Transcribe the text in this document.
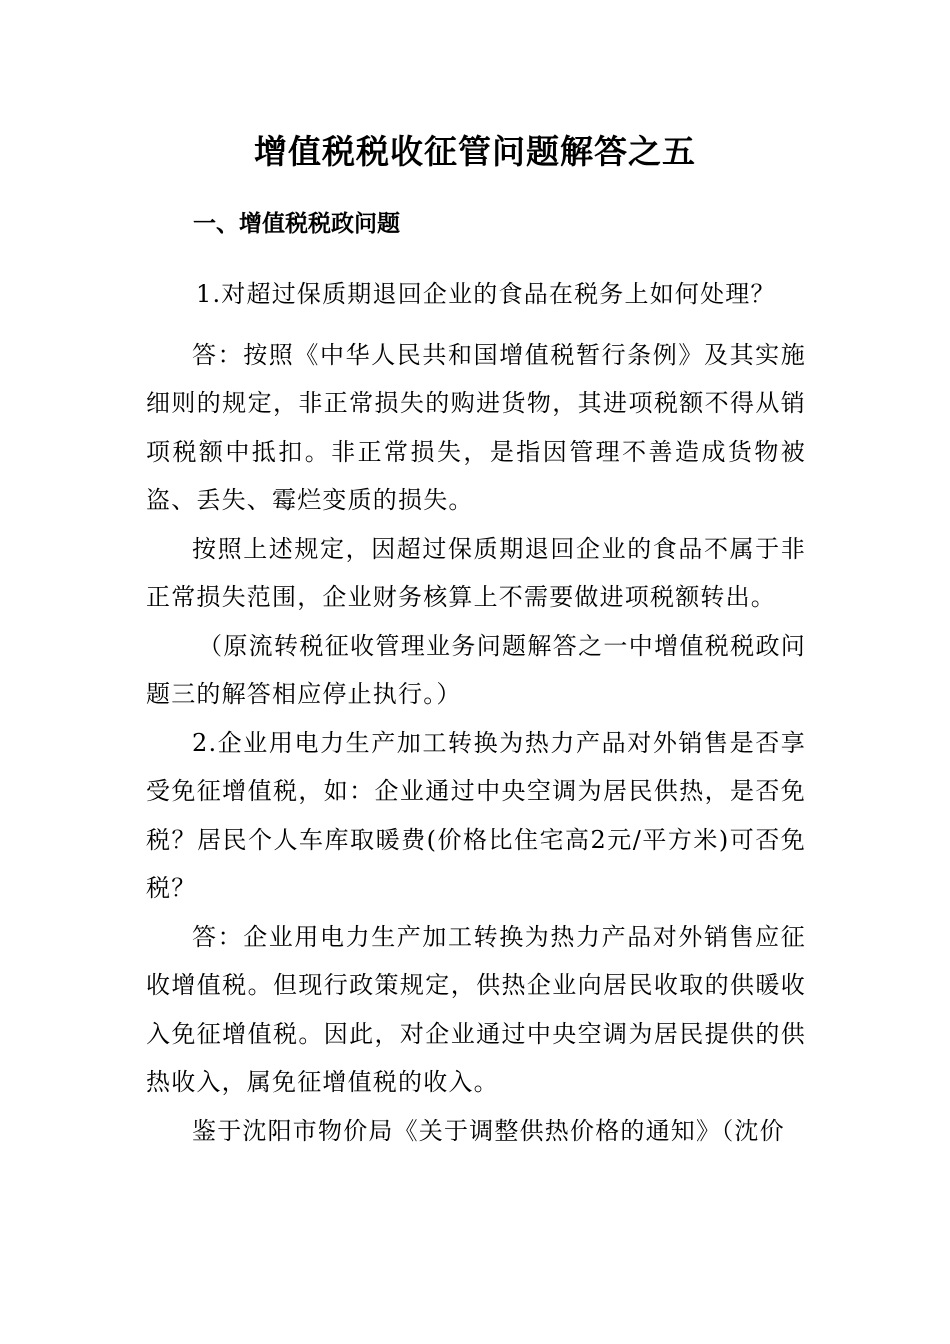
增值税税收征管问题解答之五
一、增值税税政问题

1.对超过保质期退回企业的食品在税务上如何处理？

答：按照《中华人民共和国增值税暂行条例》及其实施细则的规定，非正常损失的购进货物，其进项税额不得从销项税额中抵扣。非正常损失，是指因管理不善造成货物被盗、丢失、霉烂变质的损失。

按照上述规定，因超过保质期退回企业的食品不属于非正常损失范围，企业财务核算上不需要做进项税额转出。

（原流转税征收管理业务问题解答之一中增值税税政问题三的解答相应停止执行。）

2.企业用电力生产加工转换为热力产品对外销售是否享受免征增值税，如：企业通过中央空调为居民供热，是否免税？居民个人车库取暖费(价格比住宅高2元/平方米)可否免税？

答：企业用电力生产加工转换为热力产品对外销售应征收增值税。但现行政策规定，供热企业向居民收取的供暖收入免征增值税。因此，对企业通过中央空调为居民提供的供热收入，属免征增值税的收入。

鉴于沈阳市物价局《关于调整供热价格的通知》（沈价
